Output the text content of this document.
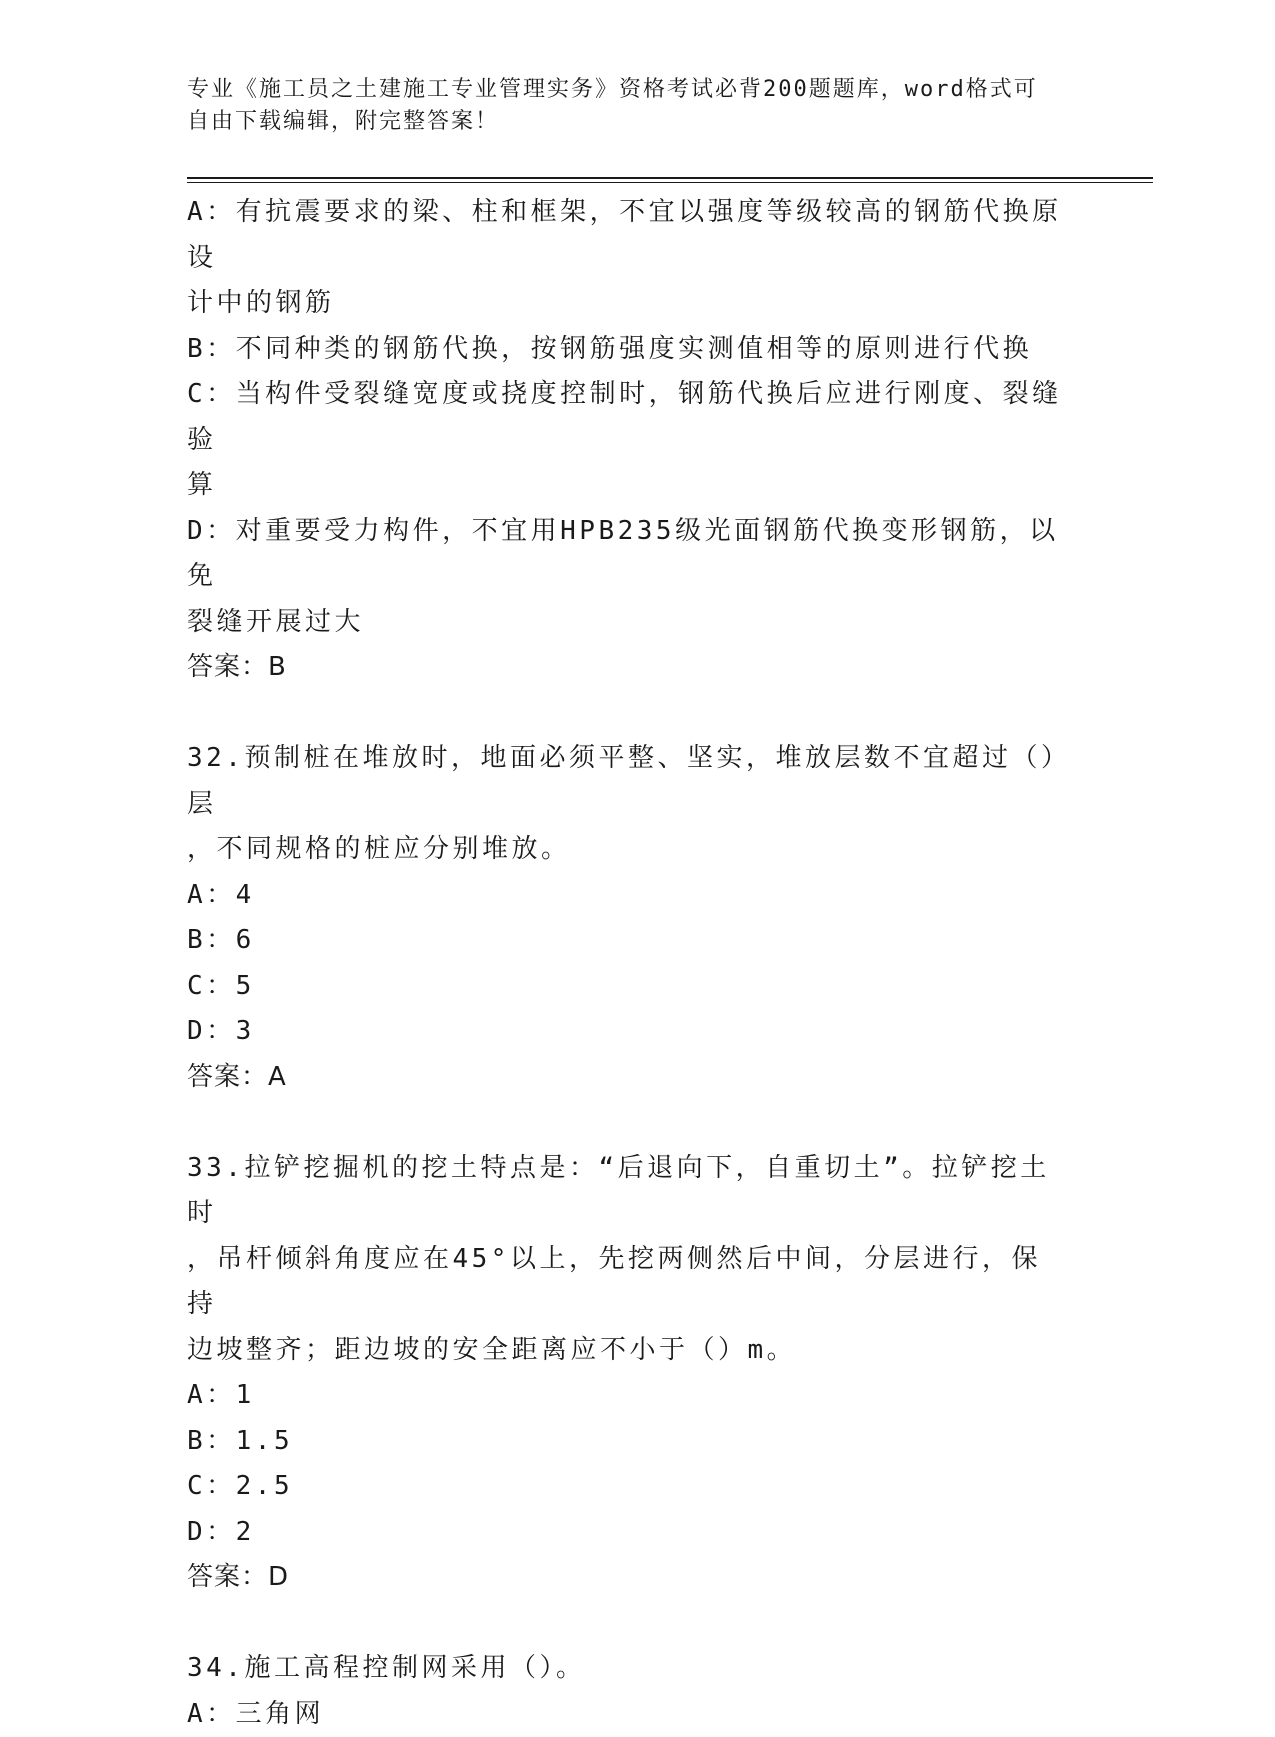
专业《施工员之土建施工专业管理实务》资格考试必背200题题库，word格式可
自由下载编辑，附完整答案！

A：有抗震要求的梁、柱和框架，不宜以强度等级较高的钢筋代换原设

计中的钢筋

B：不同种类的钢筋代换，按钢筋强度实测值相等的原则进行代换

C：当构件受裂缝宽度或挠度控制时，钢筋代换后应进行刚度、裂缝验

算

D：对重要受力构件，不宜用HPB235级光面钢筋代换变形钢筋，以免

裂缝开展过大

答案：B

32.预制桩在堆放时，地面必须平整、坚实，堆放层数不宜超过（）层

，不同规格的桩应分别堆放。

A：4

B：6

C：5

D：3

答案：A

33.拉铲挖掘机的挖土特点是：“后退向下，自重切土”。拉铲挖土时

，吊杆倾斜角度应在45°以上，先挖两侧然后中间，分层进行，保持

边坡整齐；距边坡的安全距离应不小于（）m。

A：1

B：1.5

C：2.5

D：2

答案：D

34.施工高程控制网采用（）。

A：三角网
